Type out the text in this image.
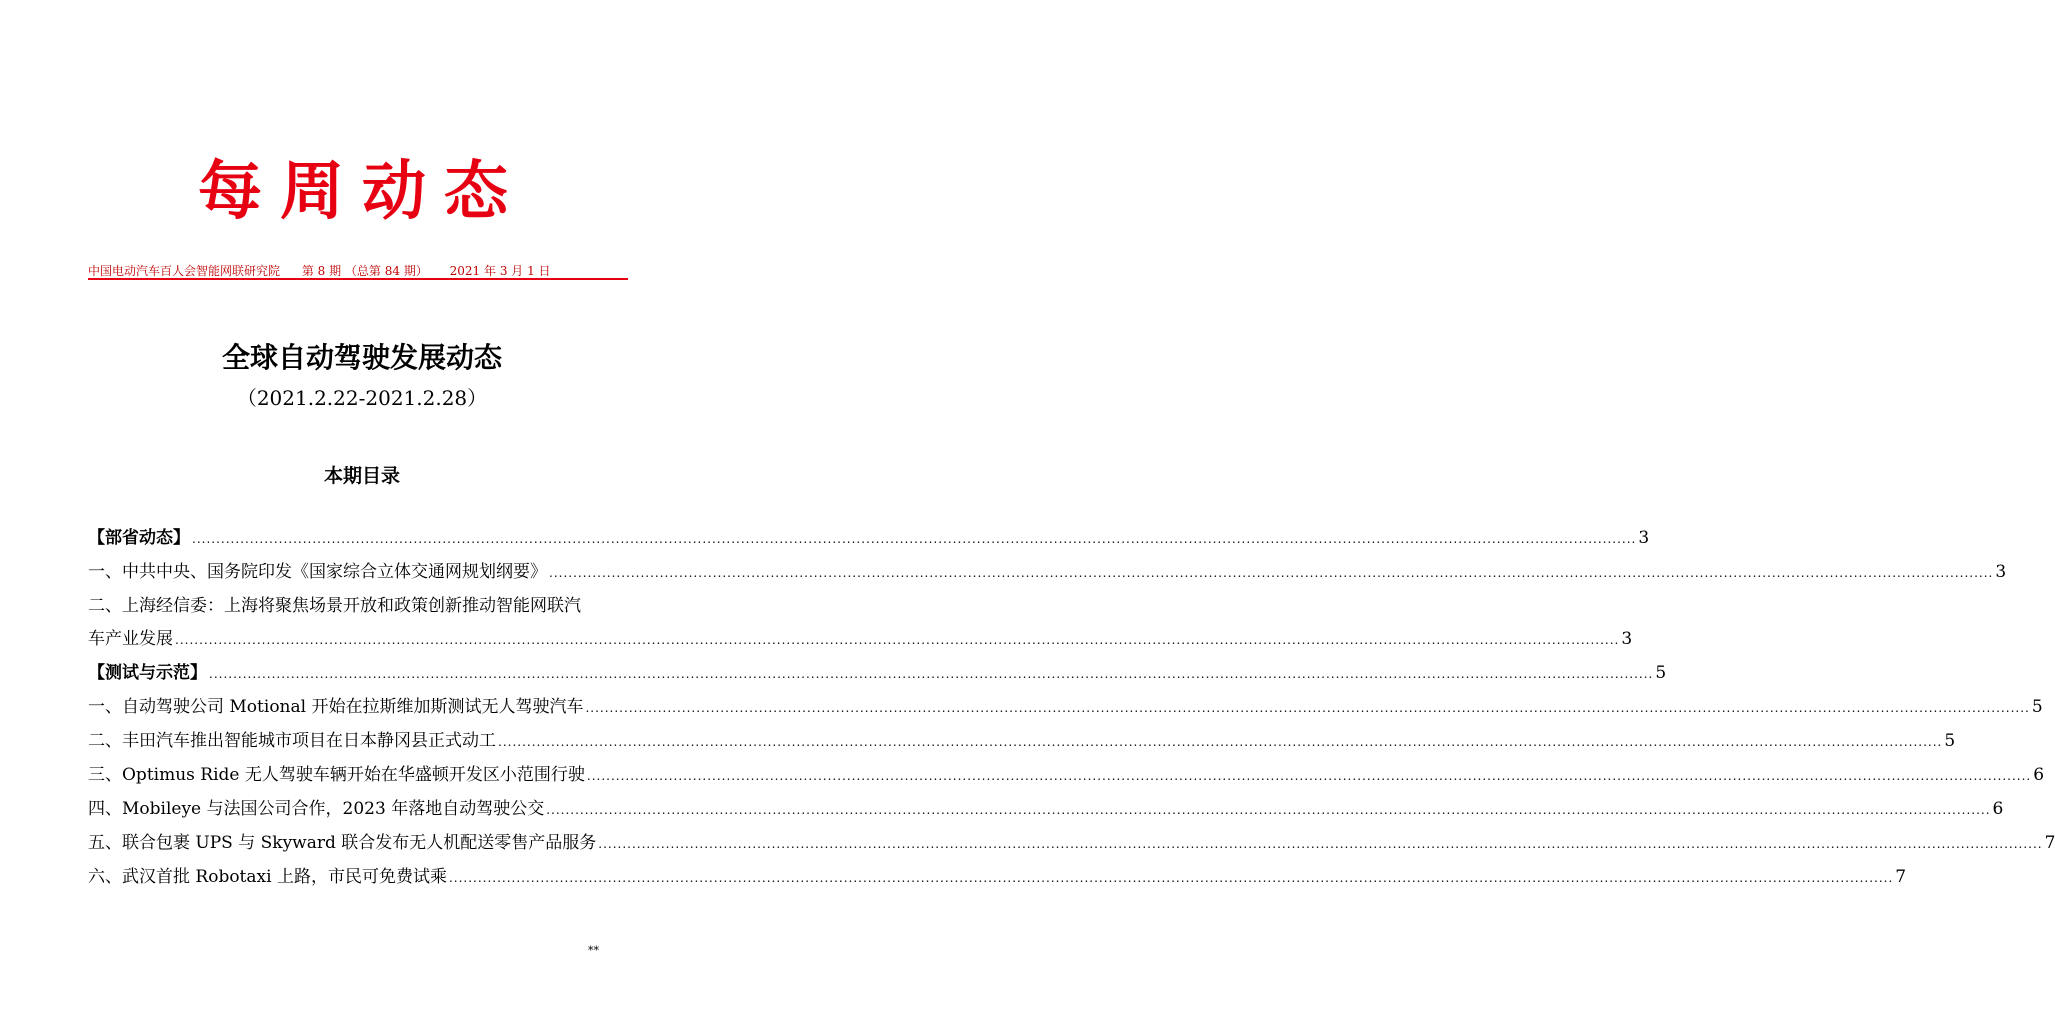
每周动态
中国电动汽车百人会智能网联研究院 第 8 期 （总第 84 期） 2021 年 3 月 1 日
全球自动驾驶发展动态
（2021.2.22-2021.2.28）
本期目录
【部省动态】 ............................................................................................................................................................................................................................................................................................................ 3
一、中共中央、国务院印发《国家综合立体交通网规划纲要》 ............................................................................................................................................................................................................................................................................................................ 3
二、上海经信委：上海将聚焦场景开放和政策创新推动智能网联汽
车产业发展 ............................................................................................................................................................................................................................................................................................................ 3
【测试与示范】 ............................................................................................................................................................................................................................................................................................................ 5
一、自动驾驶公司 Motional 开始在拉斯维加斯测试无人驾驶汽车 ............................................................................................................................................................................................................................................................................................................ 5
二、丰田汽车推出智能城市项目在日本静冈县正式动工 ............................................................................................................................................................................................................................................................................................................ 5
三、Optimus Ride 无人驾驶车辆开始在华盛顿开发区小范围行驶 ............................................................................................................................................................................................................................................................................................................ 6
四、Mobileye 与法国公司合作，2023 年落地自动驾驶公交 ............................................................................................................................................................................................................................................................................................................ 6
五、联合包裹 UPS 与 Skyward 联合发布无人机配送零售产品服务 ............................................................................................................................................................................................................................................................................................................ 7
六、武汉首批 Robotaxi 上路，市民可免费试乘 ............................................................................................................................................................................................................................................................................................................ 7
**
